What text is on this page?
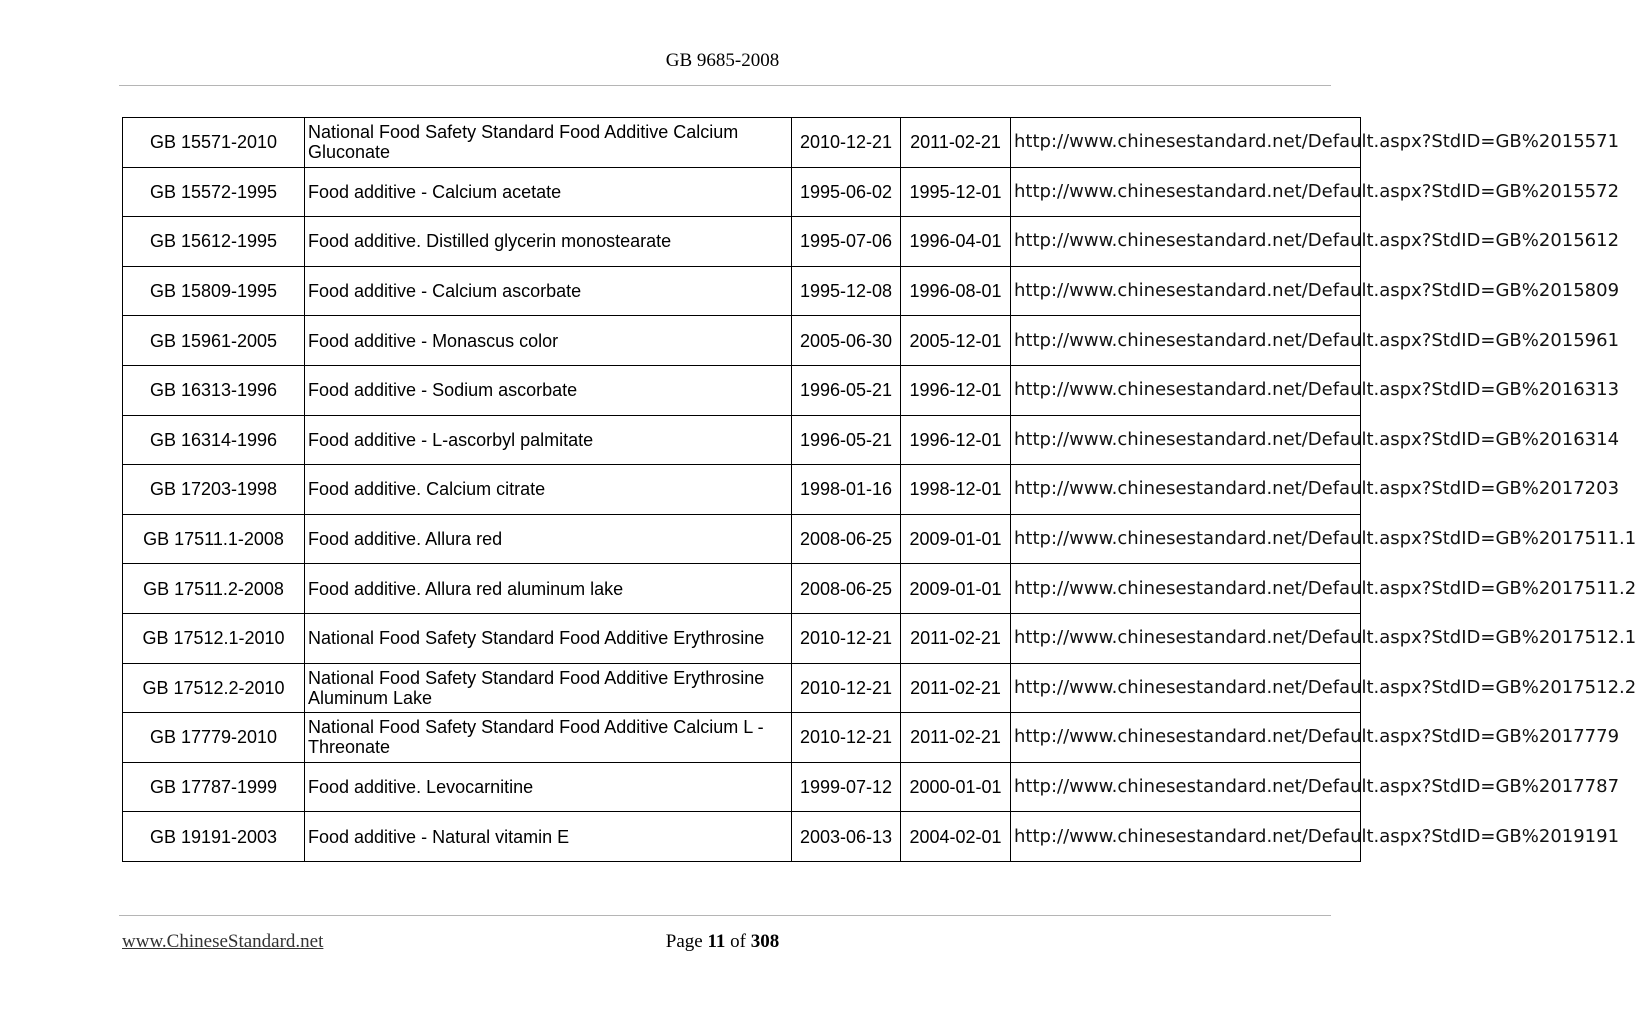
GB 9685-2008
GB 15571-2010	National Food Safety Standard Food Additive Calcium Gluconate	2010-12-21	2011-02-21	http://www.chinesestandard.net/Default.aspx?StdID=GB%2015571
GB 15572-1995	Food additive - Calcium acetate	1995-06-02	1995-12-01	http://www.chinesestandard.net/Default.aspx?StdID=GB%2015572
GB 15612-1995	Food additive. Distilled glycerin monostearate	1995-07-06	1996-04-01	http://www.chinesestandard.net/Default.aspx?StdID=GB%2015612
GB 15809-1995	Food additive - Calcium ascorbate	1995-12-08	1996-08-01	http://www.chinesestandard.net/Default.aspx?StdID=GB%2015809
GB 15961-2005	Food additive - Monascus color	2005-06-30	2005-12-01	http://www.chinesestandard.net/Default.aspx?StdID=GB%2015961
GB 16313-1996	Food additive - Sodium ascorbate	1996-05-21	1996-12-01	http://www.chinesestandard.net/Default.aspx?StdID=GB%2016313
GB 16314-1996	Food additive - L-ascorbyl palmitate	1996-05-21	1996-12-01	http://www.chinesestandard.net/Default.aspx?StdID=GB%2016314
GB 17203-1998	Food additive. Calcium citrate	1998-01-16	1998-12-01	http://www.chinesestandard.net/Default.aspx?StdID=GB%2017203
GB 17511.1-2008	Food additive. Allura red	2008-06-25	2009-01-01	http://www.chinesestandard.net/Default.aspx?StdID=GB%2017511.1
GB 17511.2-2008	Food additive. Allura red aluminum lake	2008-06-25	2009-01-01	http://www.chinesestandard.net/Default.aspx?StdID=GB%2017511.2
GB 17512.1-2010	National Food Safety Standard Food Additive Erythrosine	2010-12-21	2011-02-21	http://www.chinesestandard.net/Default.aspx?StdID=GB%2017512.1
GB 17512.2-2010	National Food Safety Standard Food Additive Erythrosine Aluminum Lake	2010-12-21	2011-02-21	http://www.chinesestandard.net/Default.aspx?StdID=GB%2017512.2
GB 17779-2010	National Food Safety Standard Food Additive Calcium L - Threonate	2010-12-21	2011-02-21	http://www.chinesestandard.net/Default.aspx?StdID=GB%2017779
GB 17787-1999	Food additive. Levocarnitine	1999-07-12	2000-01-01	http://www.chinesestandard.net/Default.aspx?StdID=GB%2017787
GB 19191-2003	Food additive - Natural vitamin E	2003-06-13	2004-02-01	http://www.chinesestandard.net/Default.aspx?StdID=GB%2019191
www.ChineseStandard.net	Page 11 of 308
